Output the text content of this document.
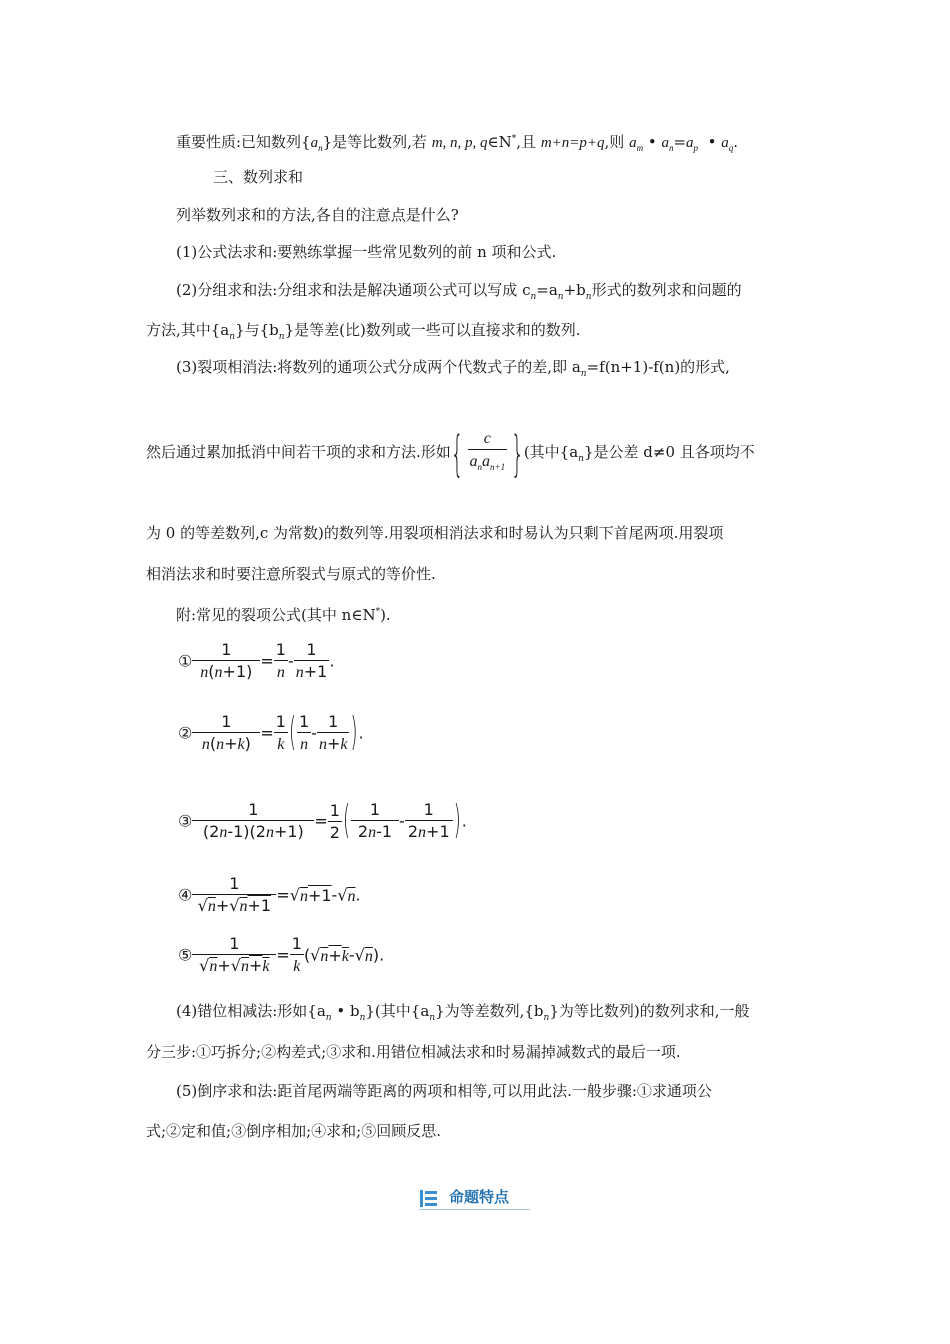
重要性质:已知数列$\{a_n\}$是等比数列,若 m, n, p, q∈N*,且 m+n=p+q,则 $a_m$ • $a_n=a_p$  • $a_q$.
三、数列求和
列举数列求和的方法,各自的注意点是什么?
(1)公式法求和:要熟练掌握一些常见数列的前 n 项和公式.
(2)分组求和法:分组求和法是解决通项公式可以写成 $c_n=a_n+b_n$形式的数列求和问题的
方法,其中$\{a_n\}$与$\{b_n\}$是等差(比)数列或一些可以直接求和的数列.
(3)裂项相消法:将数列的通项公式分成两个代数式子的差,即 $a_n=f(n+1)-f(n)$的形式,
然后通过累加抵消中间若干项的求和方法.形如{ $\frac{c}{a_na_{n+1}}$ }(其中$\{a_n\}$是公差 d≠0 且各项均不
为 0 的等差数列,c 为常数)的数列等.用裂项相消法求和时易认为只剩下首尾两项.用裂项
相消法求和时要注意所裂式与原式的等价性.
附:常见的裂项公式(其中 n∈N*).
① $\frac{1}{n(n+1)} = \frac{1}{n} - \frac{1}{n+1}$ .
② $\frac{1}{n(n+k)} = \frac{1}{k}$ ( $\frac{1}{n} - \frac{1}{n+k}$ ).
③ $\frac{1}{(2n-1)(2n+1)} = \frac{1}{2}$ ( $\frac{1}{2n-1} - \frac{1}{2n+1}$ ).
④ $\frac{1}{√n+√n+1} =√n+1-√n$.
⑤ $\frac{1}{√n+√n+k} = \frac{1}{k} (√n+k-√n)$.
(4)错位相减法:形如{$a_n$ • $b_n$}(其中$\{a_n\}$为等差数列$,\{b_n\}$为等比数列)的数列求和,一般
分三步:①巧拆分;②构差式;③求和.用错位相减法求和时易漏掉减数式的最后一项.
(5)倒序求和法:距首尾两端等距离的两项和相等,可以用此法.一般步骤:①求通项公
式;②定和值;③倒序相加;④求和;⑤回顾反思.
命题特点
